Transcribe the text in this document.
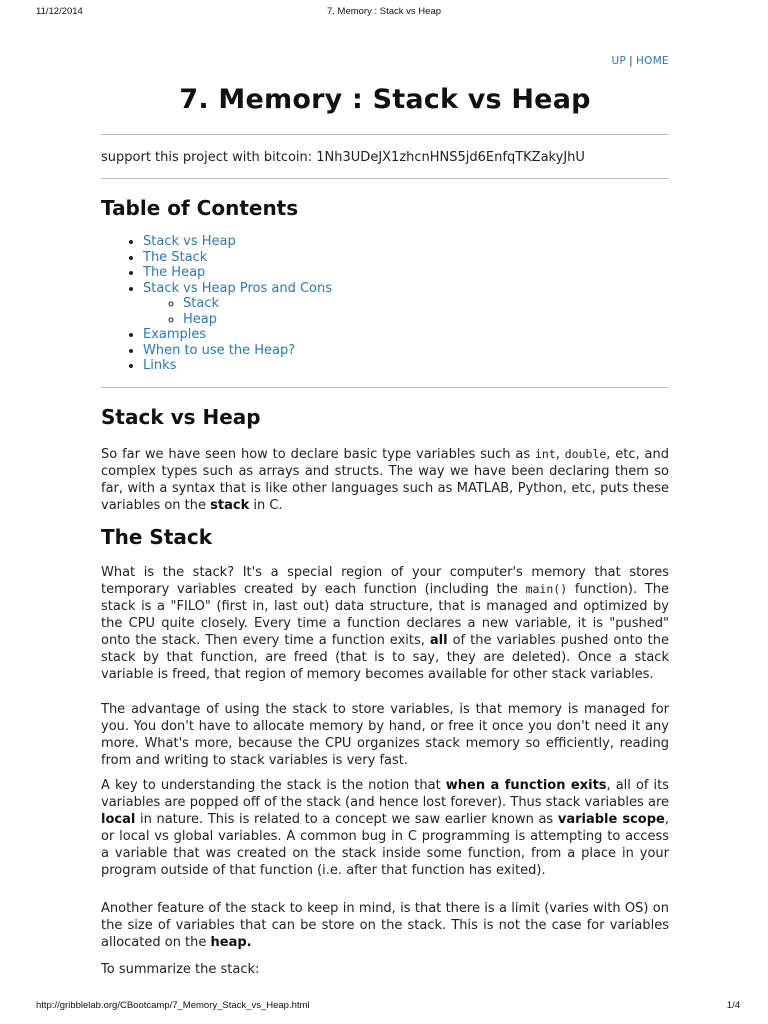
11/12/2014	7. Memory : Stack vs Heap
UP | HOME
7. Memory : Stack vs Heap
support this project with bitcoin: 1Nh3UDeJX1zhcnHNS5jd6EnfqTKZakyJhU
Table of Contents
• Stack vs Heap
• The Stack
• The Heap
• Stack vs Heap Pros and Cons
◦ Stack
◦ Heap
• Examples
• When to use the Heap?
• Links
Stack vs Heap

So far we have seen how to declare basic type variables such as int, double, etc, and complex types such as arrays and structs. The way we have been declaring them so far, with a syntax that is like other languages such as MATLAB, Python, etc, puts these variables on the stack in C.

The Stack

What is the stack? It's a special region of your computer's memory that stores temporary variables created by each function (including the main() function). The stack is a "FILO" (first in, last out) data structure, that is managed and optimized by the CPU quite closely. Every time a function declares a new variable, it is "pushed" onto the stack. Then every time a function exits, all of the variables pushed onto the stack by that function, are freed (that is to say, they are deleted). Once a stack variable is freed, that region of memory becomes available for other stack variables.

The advantage of using the stack to store variables, is that memory is managed for you. You don't have to allocate memory by hand, or free it once you don't need it any more. What's more, because the CPU organizes stack memory so efficiently, reading from and writing to stack variables is very fast.

A key to understanding the stack is the notion that when a function exits, all of its variables are popped off of the stack (and hence lost forever). Thus stack variables are local in nature. This is related to a concept we saw earlier known as variable scope, or local vs global variables. A common bug in C programming is attempting to access a variable that was created on the stack inside some function, from a place in your program outside of that function (i.e. after that function has exited).

Another feature of the stack to keep in mind, is that there is a limit (varies with OS) on the size of variables that can be store on the stack. This is not the case for variables allocated on the heap.

To summarize the stack:

http://gribblelab.org/CBootcamp/7_Memory_Stack_vs_Heap.html	1/4
